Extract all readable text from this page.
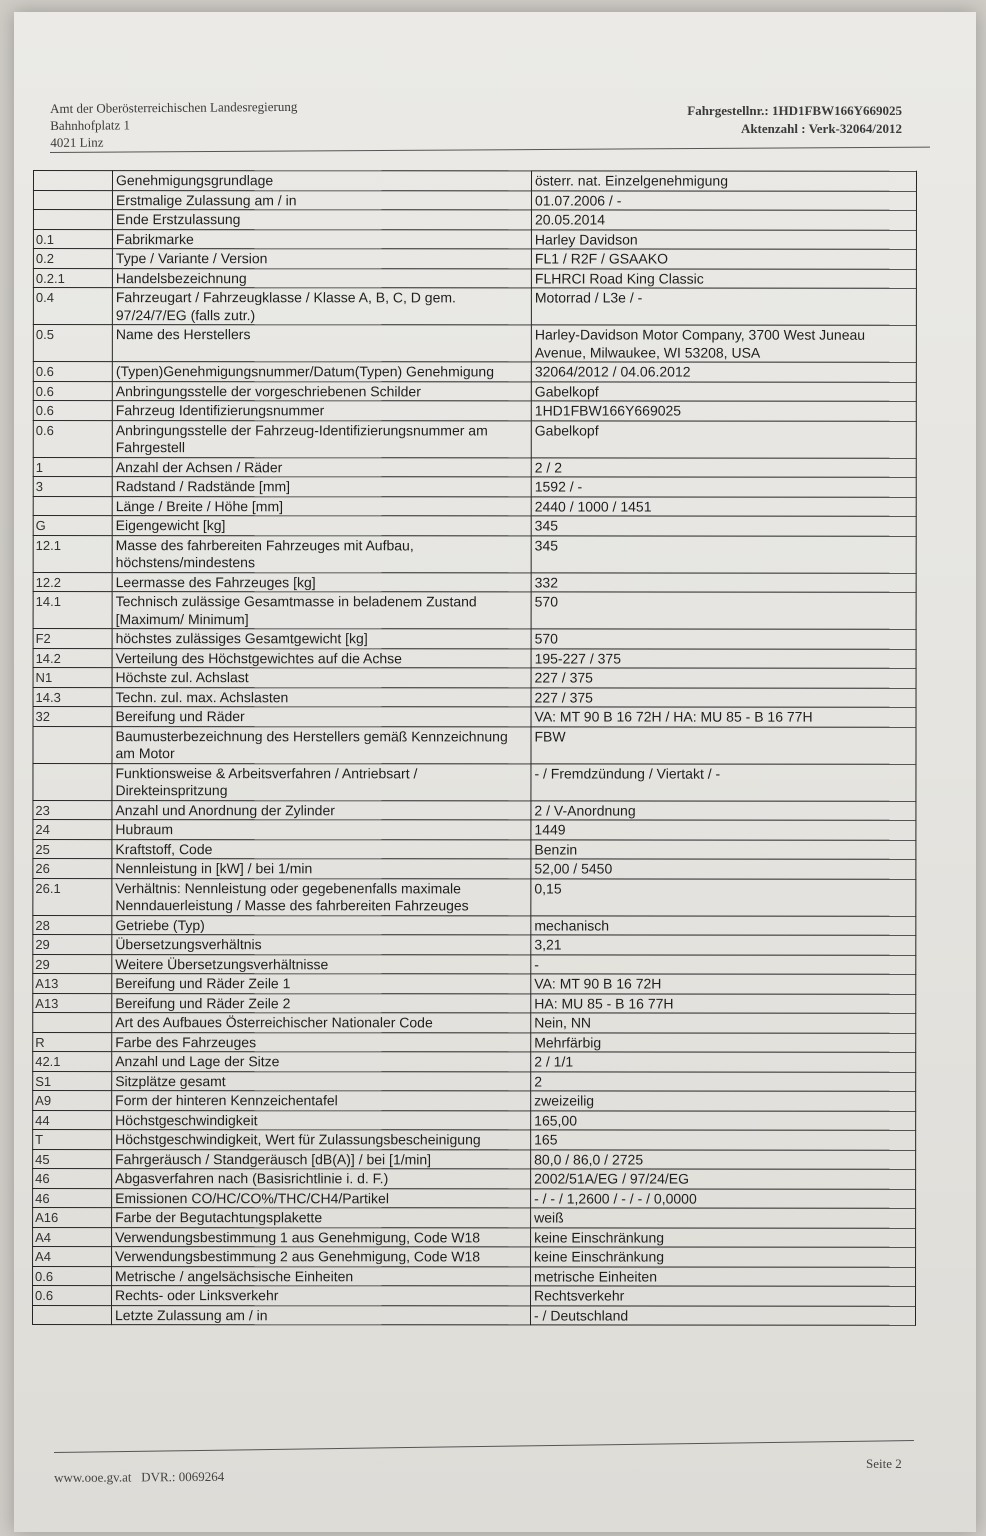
Amt der Oberösterreichischen Landesregierung
Bahnhofplatz 1
4021 Linz
Fahrgestellnr.: 1HD1FBW166Y669025
Aktenzahl : Verk-32064/2012
	Genehmigungsgrundlage	österr. nat. Einzelgenehmigung
	Erstmalige Zulassung am / in	01.07.2006 / -
	Ende Erstzulassung	20.05.2014
0.1	Fabrikmarke	Harley Davidson
0.2	Type / Variante / Version	FL1 / R2F / GSAAKO
0.2.1	Handelsbezeichnung	FLHRCI Road King Classic
0.4	Fahrzeugart / Fahrzeugklasse / Klasse A, B, C, D gem. 97/24/7/EG (falls zutr.)	Motorrad / L3e / -
0.5	Name des Herstellers	Harley-Davidson Motor Company, 3700 West Juneau Avenue, Milwaukee, WI 53208, USA
0.6	(Typen)Genehmigungsnummer/Datum(Typen) Genehmigung	32064/2012 / 04.06.2012
0.6	Anbringungsstelle der vorgeschriebenen Schilder	Gabelkopf
0.6	Fahrzeug Identifizierungsnummer	1HD1FBW166Y669025
0.6	Anbringungsstelle der Fahrzeug-Identifizierungsnummer am Fahrgestell	Gabelkopf
1	Anzahl der Achsen / Räder	2 / 2
3	Radstand / Radstände [mm]	1592 / -
	Länge / Breite / Höhe [mm]	2440 / 1000 / 1451
G	Eigengewicht [kg]	345
12.1	Masse des fahrbereiten Fahrzeuges mit Aufbau, höchstens/mindestens	345
12.2	Leermasse des Fahrzeuges [kg]	332
14.1	Technisch zulässige Gesamtmasse in beladenem Zustand [Maximum/ Minimum]	570
F2	höchstes zulässiges Gesamtgewicht [kg]	570
14.2	Verteilung des Höchstgewichtes auf die Achse	195-227 / 375
N1	Höchste zul. Achslast	227 / 375
14.3	Techn. zul. max. Achslasten	227 / 375
32	Bereifung und Räder	VA: MT 90 B 16 72H / HA: MU 85 - B 16 77H
	Baumusterbezeichnung des Herstellers gemäß Kennzeichnung am Motor	FBW
	Funktionsweise & Arbeitsverfahren / Antriebsart / Direkteinspritzung	- / Fremdzündung / Viertakt / -
23	Anzahl und Anordnung der Zylinder	2 / V-Anordnung
24	Hubraum	1449
25	Kraftstoff, Code	Benzin
26	Nennleistung in [kW] / bei 1/min	52,00 / 5450
26.1	Verhältnis: Nennleistung oder gegebenenfalls maximale Nenndauerleistung / Masse des fahrbereiten Fahrzeuges	0,15
28	Getriebe (Typ)	mechanisch
29	Übersetzungsverhältnis	3,21
29	Weitere Übersetzungsverhältnisse	-
A13	Bereifung und Räder Zeile 1	VA: MT 90 B 16 72H
A13	Bereifung und Räder Zeile 2	HA: MU 85 - B 16 77H
	Art des Aufbaues Österreichischer Nationaler Code	Nein, NN
R	Farbe des Fahrzeuges	Mehrfärbig
42.1	Anzahl und Lage der Sitze	2 / 1/1
S1	Sitzplätze gesamt	2
A9	Form der hinteren Kennzeichentafel	zweizeilig
44	Höchstgeschwindigkeit	165,00
T	Höchstgeschwindigkeit, Wert für Zulassungsbescheinigung	165
45	Fahrgeräusch / Standgeräusch [dB(A)] / bei [1/min]	80,0 / 86,0 / 2725
46	Abgasverfahren nach (Basisrichtlinie i. d. F.)	2002/51A/EG / 97/24/EG
46	Emissionen CO/HC/CO%/THC/CH4/Partikel	- / - / 1,2600 / - / - / 0,0000
A16	Farbe der Begutachtungsplakette	weiß
A4	Verwendungsbestimmung 1 aus Genehmigung, Code W18	keine Einschränkung
A4	Verwendungsbestimmung 2 aus Genehmigung, Code W18	keine Einschränkung
0.6	Metrische / angelsächsische Einheiten	metrische Einheiten
0.6	Rechts- oder Linksverkehr	Rechtsverkehr
	Letzte Zulassung am / in	- / Deutschland
www.ooe.gv.at DVR.: 0069264
Seite 2
